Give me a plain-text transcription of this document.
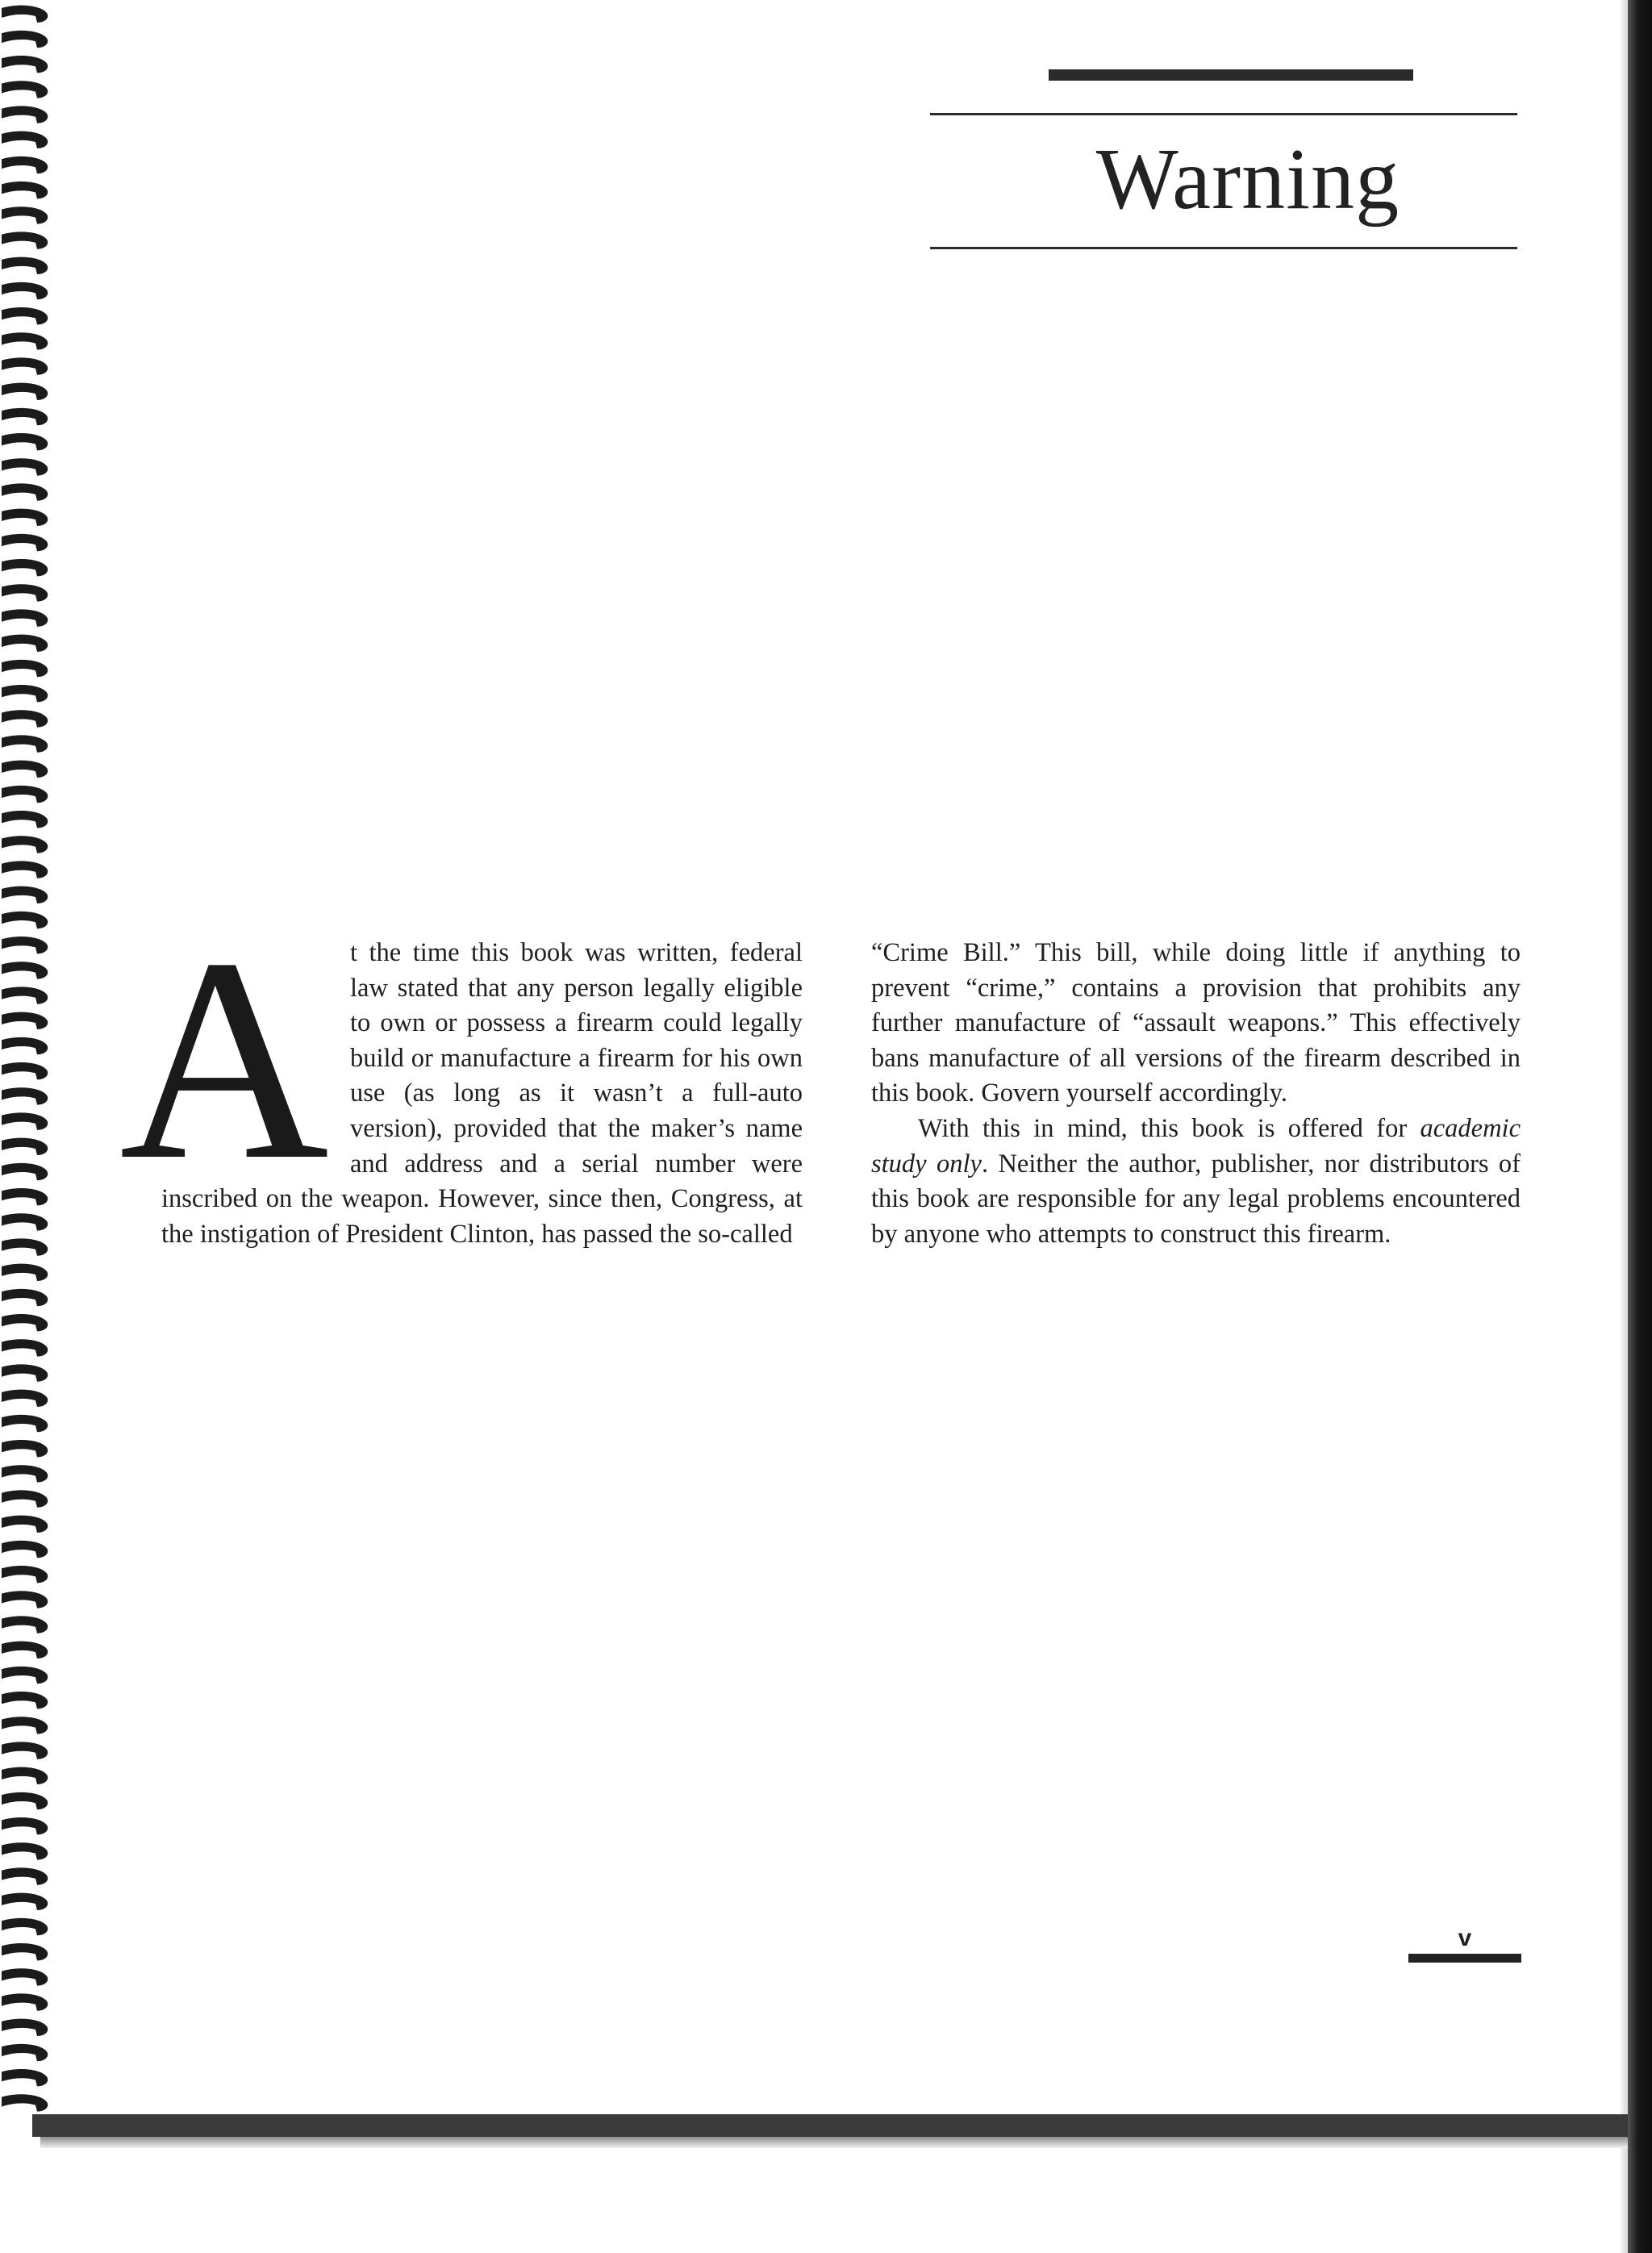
Warning

At the time this book was written, federal law stated that any person legally eligible to own or possess a firearm could legally build or manufacture a firearm for his own use (as long as it wasn’t a full-auto version), provided that the maker’s name and address and a serial number were inscribed on the weapon. However, since then, Congress, at the instigation of President Clinton, has passed the so-called

“Crime Bill.” This bill, while doing little if anything to prevent “crime,” contains a provision that prohibits any further manufacture of “assault weapons.” This effectively bans manufacture of all versions of the firearm described in this book. Govern yourself accordingly.

With this in mind, this book is offered for academic study only. Neither the author, publisher, nor distributors of this book are responsible for any legal problems encountered by anyone who attempts to construct this firearm.

v
